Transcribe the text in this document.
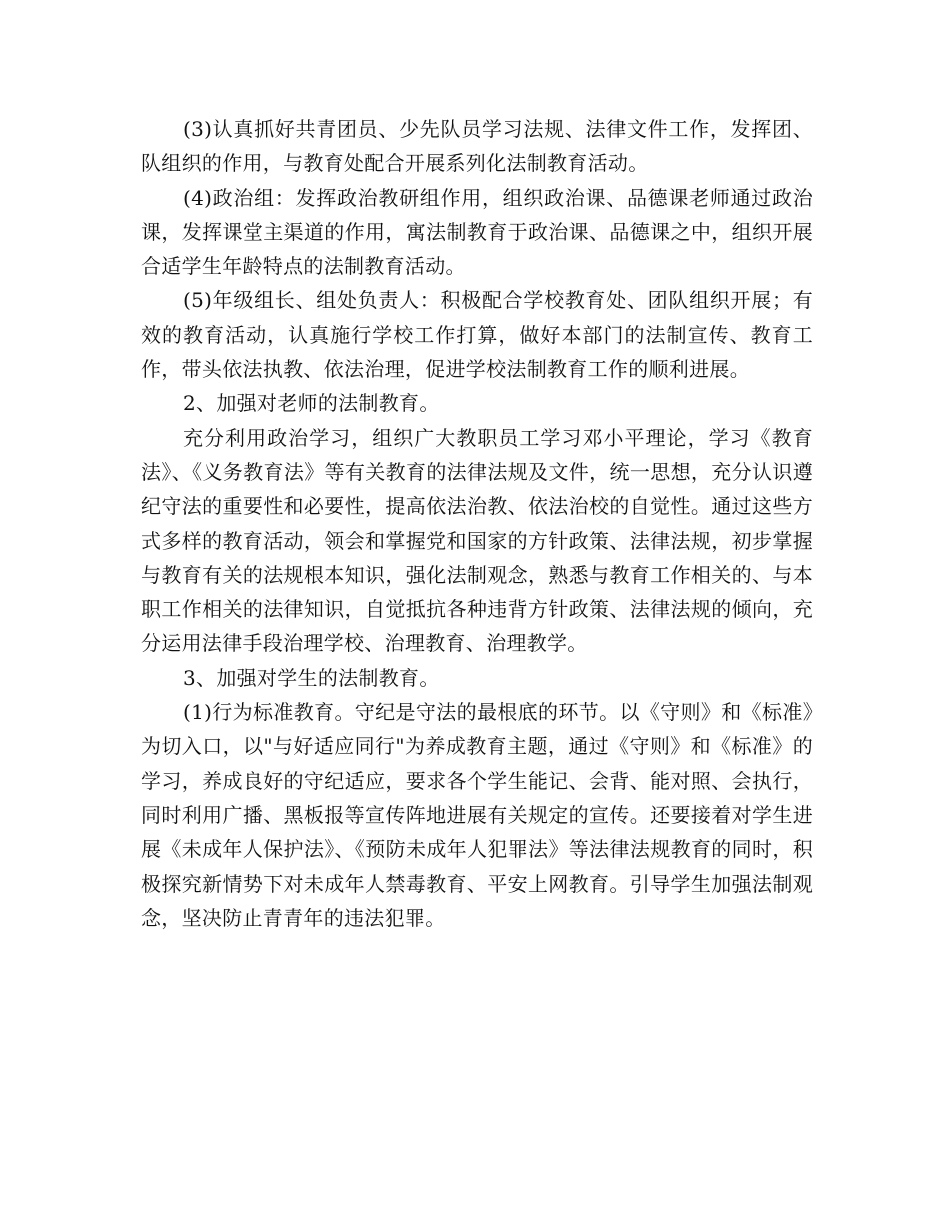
(3)认真抓好共青团员、少先队员学习法规、法律文件工作，发挥团、队组织的作用，与教育处配合开展系列化法制教育活动。

(4)政治组：发挥政治教研组作用，组织政治课、品德课老师通过政治课，发挥课堂主渠道的作用，寓法制教育于政治课、品德课之中，组织开展合适学生年龄特点的法制教育活动。

(5)年级组长、组处负责人：积极配合学校教育处、团队组织开展；有效的教育活动，认真施行学校工作打算，做好本部门的法制宣传、教育工作，带头依法执教、依法治理，促进学校法制教育工作的顺利进展。

2、加强对老师的法制教育。

充分利用政治学习，组织广大教职员工学习邓小平理论，学习《教育法》、《义务教育法》等有关教育的法律法规及文件，统一思想，充分认识遵纪守法的重要性和必要性，提高依法治教、依法治校的自觉性。通过这些方式多样的教育活动，领会和掌握党和国家的方针政策、法律法规，初步掌握与教育有关的法规根本知识，强化法制观念，熟悉与教育工作相关的、与本职工作相关的法律知识，自觉抵抗各种违背方针政策、法律法规的倾向，充分运用法律手段治理学校、治理教育、治理教学。

3、加强对学生的法制教育。

(1)行为标准教育。守纪是守法的最根底的环节。以《守则》和《标准》为切入口，以"与好适应同行"为养成教育主题，通过《守则》和《标准》的学习，养成良好的守纪适应，要求各个学生能记、会背、能对照、会执行，同时利用广播、黑板报等宣传阵地进展有关规定的宣传。还要接着对学生进展《未成年人保护法》、《预防未成年人犯罪法》等法律法规教育的同时，积极探究新情势下对未成年人禁毒教育、平安上网教育。引导学生加强法制观念，坚决防止青青年的违法犯罪。
